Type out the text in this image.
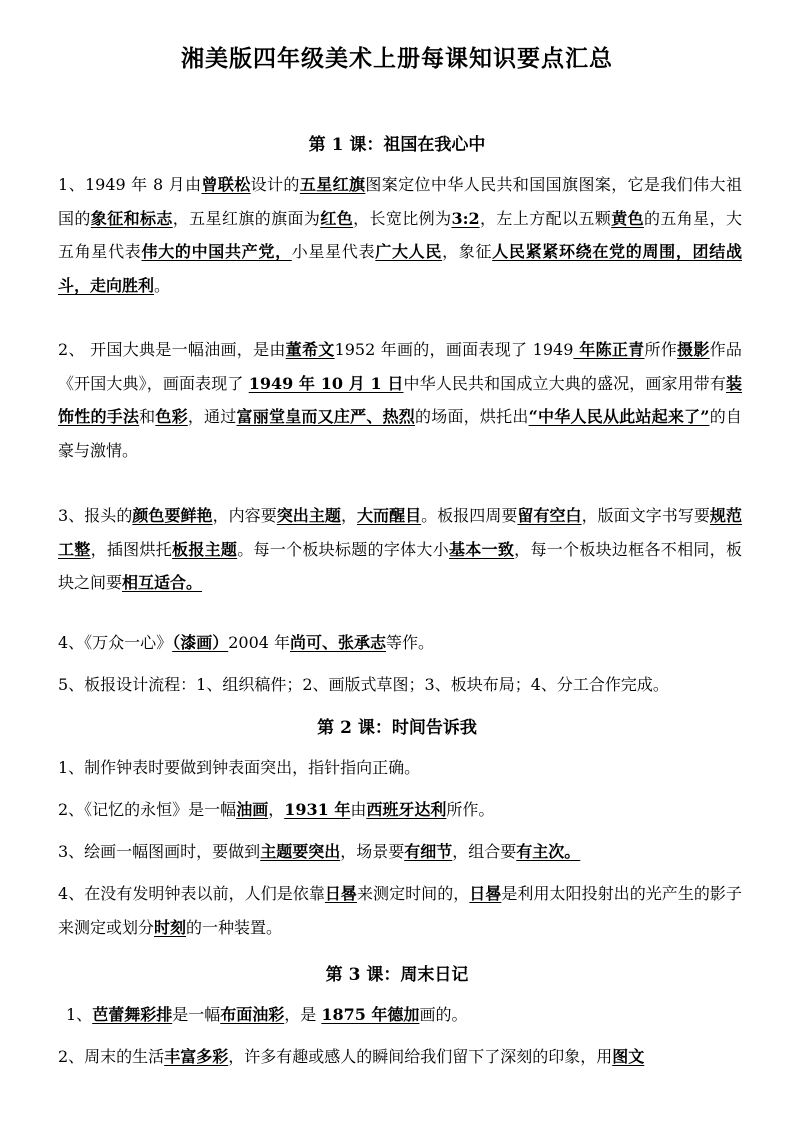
湘美版四年级美术上册每课知识要点汇总
第 1 课：祖国在我心中

1、1949 年 8 月由曾联松设计的五星红旗图案定位中华人民共和国国旗图案，它是我们伟大祖国的象征和标志，五星红旗的旗面为红色，长宽比例为3:2，左上方配以五颗黄色的五角星，大五角星代表伟大的中国共产党，小星星代表广大人民，象征人民紧紧环绕在党的周围，团结战斗，走向胜利。

2、 开国大典是一幅油画，是由董希文1952 年画的，画面表现了 1949 年陈正青所作摄影作品《开国大典》，画面表现了 1949 年 10 月 1 日中华人民共和国成立大典的盛况，画家用带有装饰性的手法和色彩，通过富丽堂皇而又庄严、热烈的场面，烘托出“中华人民从此站起来了”的自豪与激情。

3、报头的颜色要鲜艳，内容要突出主题，大而醒目。板报四周要留有空白，版面文字书写要规范工整，插图烘托板报主题。每一个板块标题的字体大小基本一致，每一个板块边框各不相同，板块之间要相互适合。

4、《万众一心》（漆画）2004 年尚可、张承志等作。

5、板报设计流程：1、组织稿件；2、画版式草图；3、板块布局；4、分工合作完成。

第 2 课：时间告诉我

1、制作钟表时要做到钟表面突出，指针指向正确。

2、《记忆的永恒》是一幅油画，1931 年由西班牙达利所作。

3、绘画一幅图画时，要做到主题要突出，场景要有细节，组合要有主次。

4、在没有发明钟表以前，人们是依靠日晷来测定时间的，日晷是利用太阳投射出的光产生的影子来测定或划分时刻的一种装置。

第 3 课：周末日记

1、芭蕾舞彩排是一幅布面油彩，是 1875 年德加画的。

2、周末的生活丰富多彩，许多有趣或感人的瞬间给我们留下了深刻的印象，用图文
